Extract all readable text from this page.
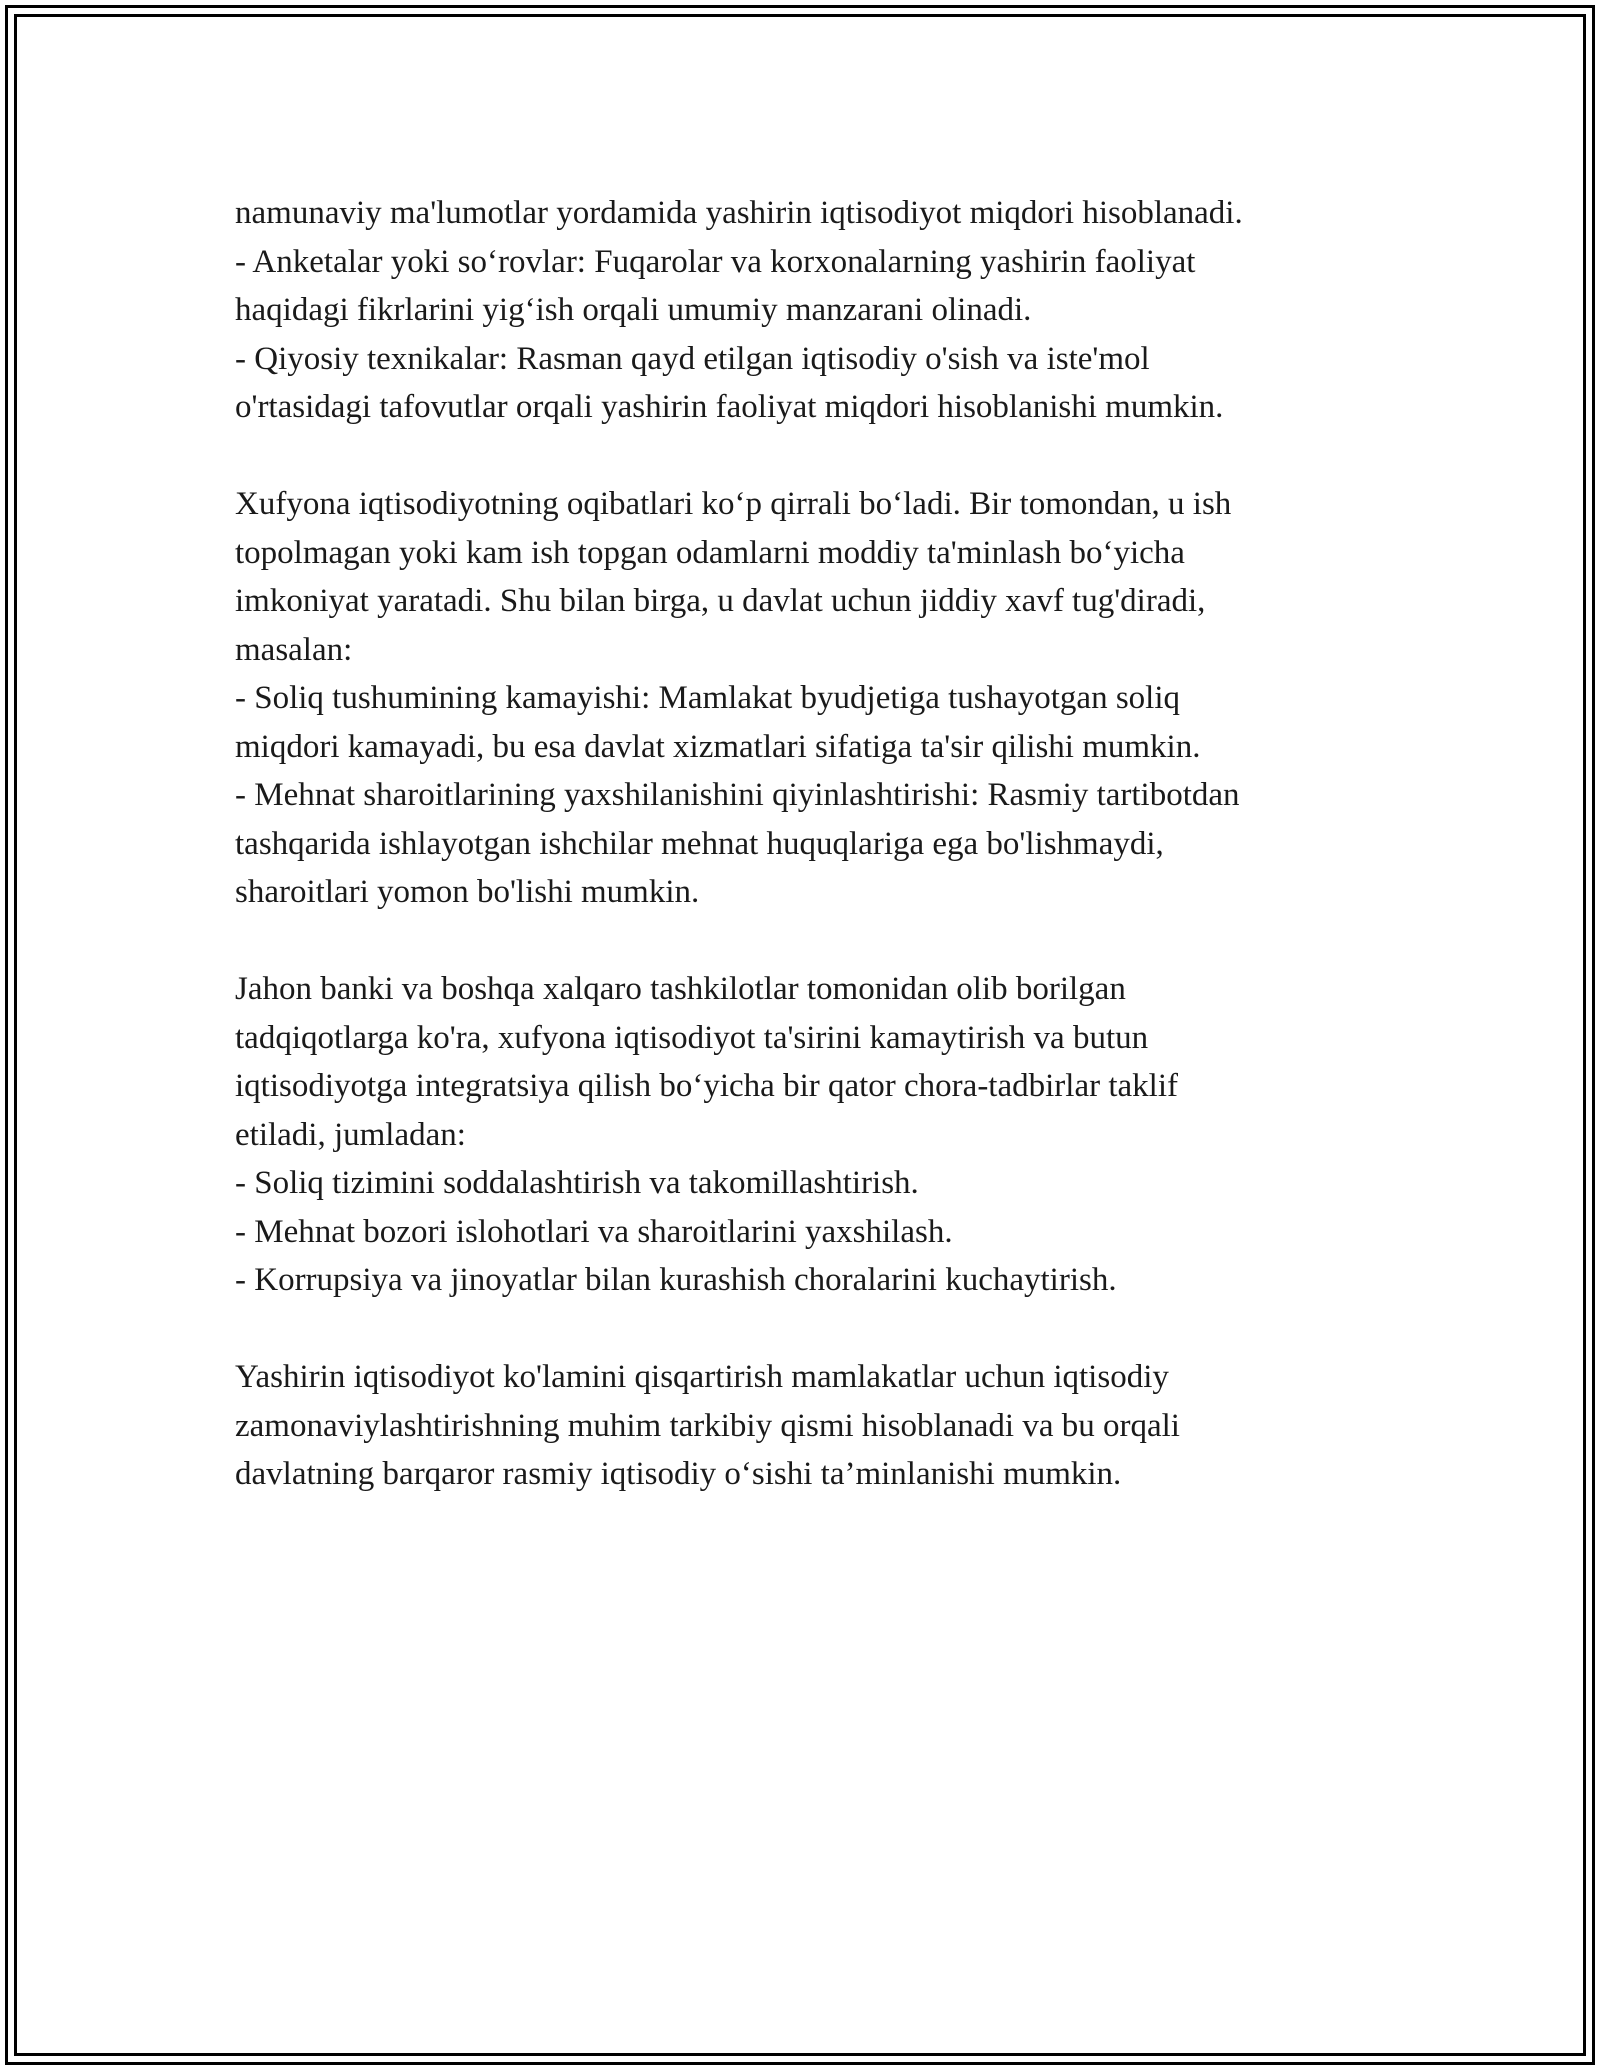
namunaviy ma'lumotlar yordamida yashirin iqtisodiyot miqdori hisoblanadi.
- Anketalar yoki so‘rovlar: Fuqarolar va korxonalarning yashirin faoliyat
haqidagi fikrlarini yig‘ish orqali umumiy manzarani olinadi.
- Qiyosiy texnikalar: Rasman qayd etilgan iqtisodiy o'sish va iste'mol
o'rtasidagi tafovutlar orqali yashirin faoliyat miqdori hisoblanishi mumkin.

Xufyona iqtisodiyotning oqibatlari ko‘p qirrali bo‘ladi. Bir tomondan, u ish
topolmagan yoki kam ish topgan odamlarni moddiy ta'minlash bo‘yicha
imkoniyat yaratadi. Shu bilan birga, u davlat uchun jiddiy xavf tug'diradi,
masalan:
- Soliq tushumining kamayishi: Mamlakat byudjetiga tushayotgan soliq
miqdori kamayadi, bu esa davlat xizmatlari sifatiga ta'sir qilishi mumkin.
- Mehnat sharoitlarining yaxshilanishini qiyinlashtirishi: Rasmiy tartibotdan
tashqarida ishlayotgan ishchilar mehnat huquqlariga ega bo'lishmaydi,
sharoitlari yomon bo'lishi mumkin.

Jahon banki va boshqa xalqaro tashkilotlar tomonidan olib borilgan
tadqiqotlarga ko'ra, xufyona iqtisodiyot ta'sirini kamaytirish va butun
iqtisodiyotga integratsiya qilish bo‘yicha bir qator chora-tadbirlar taklif
etiladi, jumladan:
- Soliq tizimini soddalashtirish va takomillashtirish.
- Mehnat bozori islohotlari va sharoitlarini yaxshilash.
- Korrupsiya va jinoyatlar bilan kurashish choralarini kuchaytirish.

Yashirin iqtisodiyot ko'lamini qisqartirish mamlakatlar uchun iqtisodiy
zamonaviylashtirishning muhim tarkibiy qismi hisoblanadi va bu orqali
davlatning barqaror rasmiy iqtisodiy o‘sishi ta’minlanishi mumkin.
